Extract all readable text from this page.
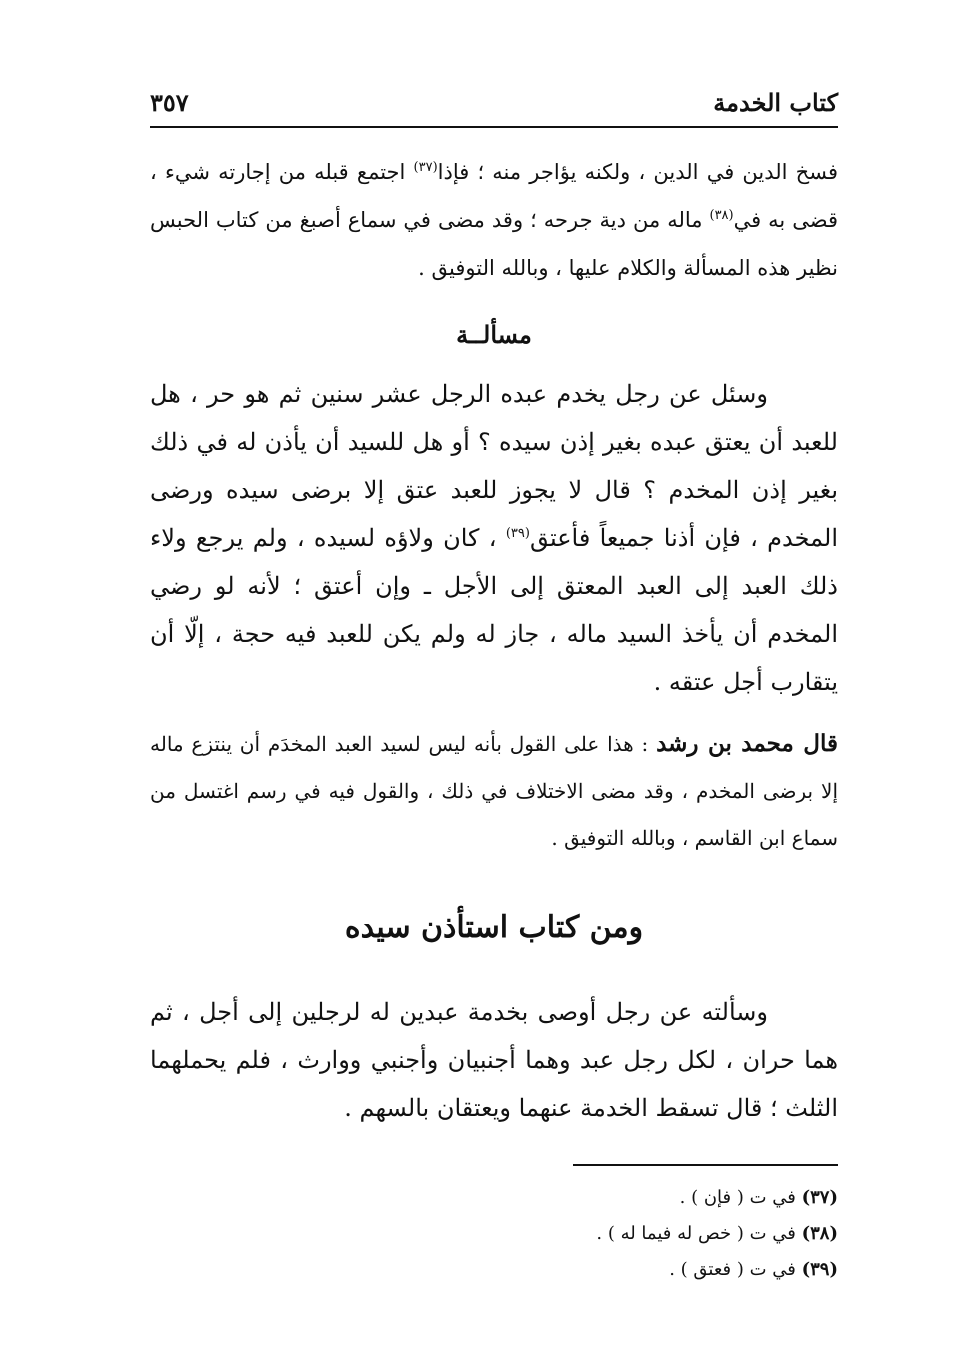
كتاب الخدمة
٣٥٧

فسخ الدين في الدين ، ولكنه يؤاجر منه ؛ فإذا$^{(٣٧)}$ اجتمع قبله من إجارته شيء ، قضى به في$^{(٣٨)}$ ماله من دية جرحه ؛ وقد مضى في سماع أصبغ من كتاب الحبس نظير هذه المسألة والكلام عليها ، وبالله التوفيق .

مسألــة

وسئل عن رجل يخدم عبده الرجل عشر سنين ثم هو حر ، هل للعبد أن يعتق عبده بغير إذن سيده ؟ أو هل للسيد أن يأذن له في ذلك بغير إذن المخدم ؟ قال لا يجوز للعبد عتق إلا برضى سيده ورضى المخدم ، فإن أذنا جميعاً فأعتق$^{(٣٩)}$ ، كان ولاؤه لسيده ، ولم يرجع ولاء ذلك العبد إلى العبد المعتق إلى الأجل ـ وإن أعتق ؛ لأنه لو رضي المخدم أن يأخذ السيد ماله ، جاز له ولم يكن للعبد فيه حجة ، إلّا أن يتقارب أجل عتقه .

قال محمد بن رشد : هذا على القول بأنه ليس لسيد العبد المخدَم أن ينتزع ماله إلا برضى المخدم ، وقد مضى الاختلاف في ذلك ، والقول فيه في رسم اغتسل من سماع ابن القاسم ، وبالله التوفيق .

ومن كتاب استأذن سيده

وسألته عن رجل أوصى بخدمة عبدين له لرجلين إلى أجل ، ثم هما حران ، لكل رجل عبد وهما أجنبيان وأجنبي ووارث ، فلم يحملهما الثلث ؛ قال تسقط الخدمة عنهما ويعتقان بالسهم .

(٣٧) في ت ( فإن ) .
(٣٨) في ت ( خص له فيما له ) .
(٣٩) في ت ( فعتق ) .
